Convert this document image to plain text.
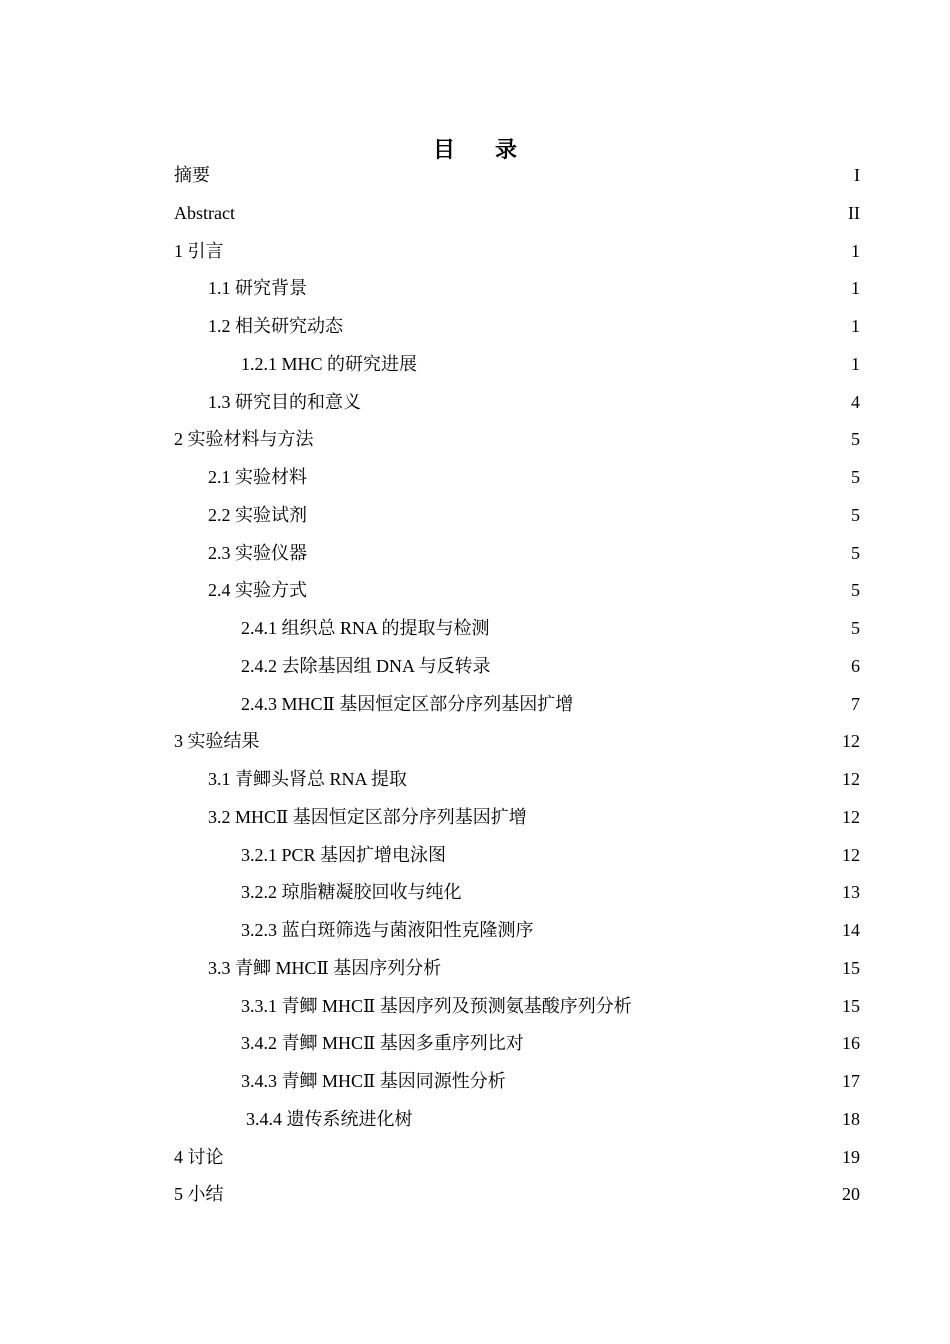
目 录
摘要	I
Abstract	II
1 引言	1
1.1 研究背景	1
1.2 相关研究动态	1
1.2.1 MHC 的研究进展	1
1.3 研究目的和意义	4
2 实验材料与方法	5
2.1 实验材料	5
2.2 实验试剂	5
2.3 实验仪器	5
2.4 实验方式	5
2.4.1 组织总 RNA 的提取与检测	5
2.4.2 去除基因组 DNA 与反转录	6
2.4.3 MHCⅡ 基因恒定区部分序列基因扩增	7
3 实验结果	12
3.1 青鲫头肾总 RNA 提取	12
3.2 MHCⅡ 基因恒定区部分序列基因扩增	12
3.2.1 PCR 基因扩增电泳图	12
3.2.2 琼脂糖凝胶回收与纯化	13
3.2.3 蓝白斑筛选与菌液阳性克隆测序	14
3.3 青鲫 MHCⅡ 基因序列分析	15
3.3.1 青鲫 MHCⅡ 基因序列及预测氨基酸序列分析	15
3.4.2 青鲫 MHCⅡ 基因多重序列比对	16
3.4.3 青鲫 MHCⅡ 基因同源性分析	17
3.4.4 遗传系统进化树	18
4 讨论	19
5 小结	20
